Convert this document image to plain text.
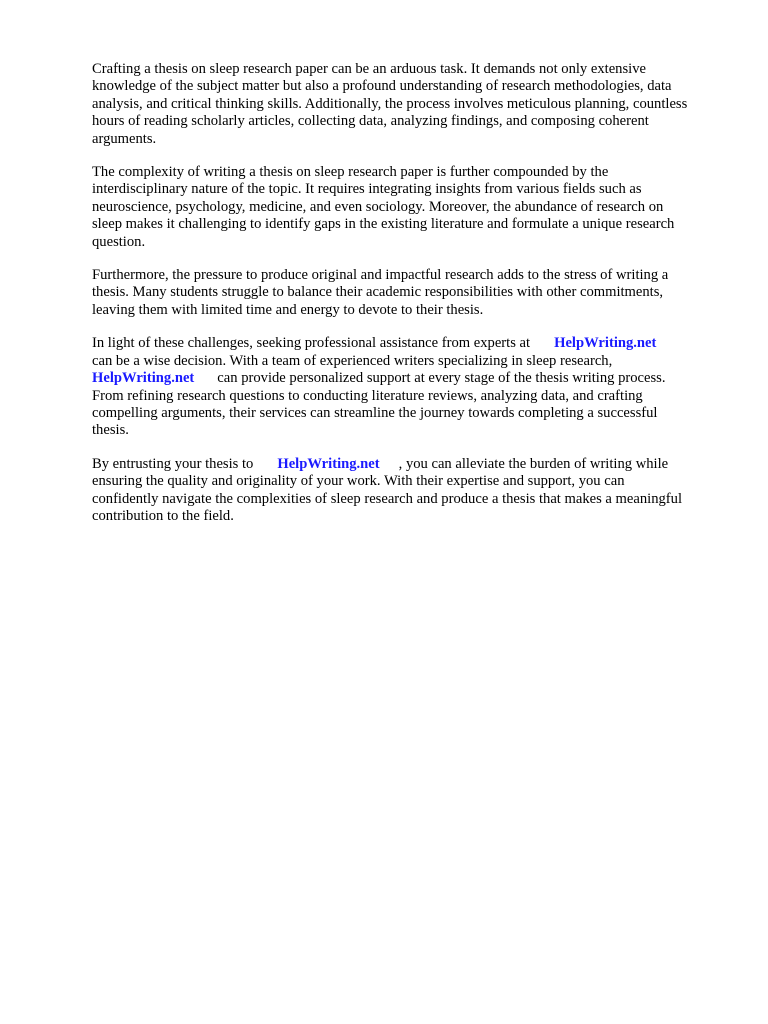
Crafting a thesis on sleep research paper can be an arduous task. It demands not only extensive
knowledge of the subject matter but also a profound understanding of research methodologies, data
analysis, and critical thinking skills. Additionally, the process involves meticulous planning, countless
hours of reading scholarly articles, collecting data, analyzing findings, and composing coherent
arguments.

The complexity of writing a thesis on sleep research paper is further compounded by the
interdisciplinary nature of the topic. It requires integrating insights from various fields such as
neuroscience, psychology, medicine, and even sociology. Moreover, the abundance of research on
sleep makes it challenging to identify gaps in the existing literature and formulate a unique research
question.

Furthermore, the pressure to produce original and impactful research adds to the stress of writing a
thesis. Many students struggle to balance their academic responsibilities with other commitments,
leaving them with limited time and energy to devote to their thesis.

In light of these challenges, seeking professional assistance from experts at HelpWriting.net
can be a wise decision. With a team of experienced writers specializing in sleep research,
HelpWriting.net can provide personalized support at every stage of the thesis writing process.
From refining research questions to conducting literature reviews, analyzing data, and crafting
compelling arguments, their services can streamline the journey towards completing a successful
thesis.

By entrusting your thesis to HelpWriting.net , you can alleviate the burden of writing while
ensuring the quality and originality of your work. With their expertise and support, you can
confidently navigate the complexities of sleep research and produce a thesis that makes a meaningful
contribution to the field.
